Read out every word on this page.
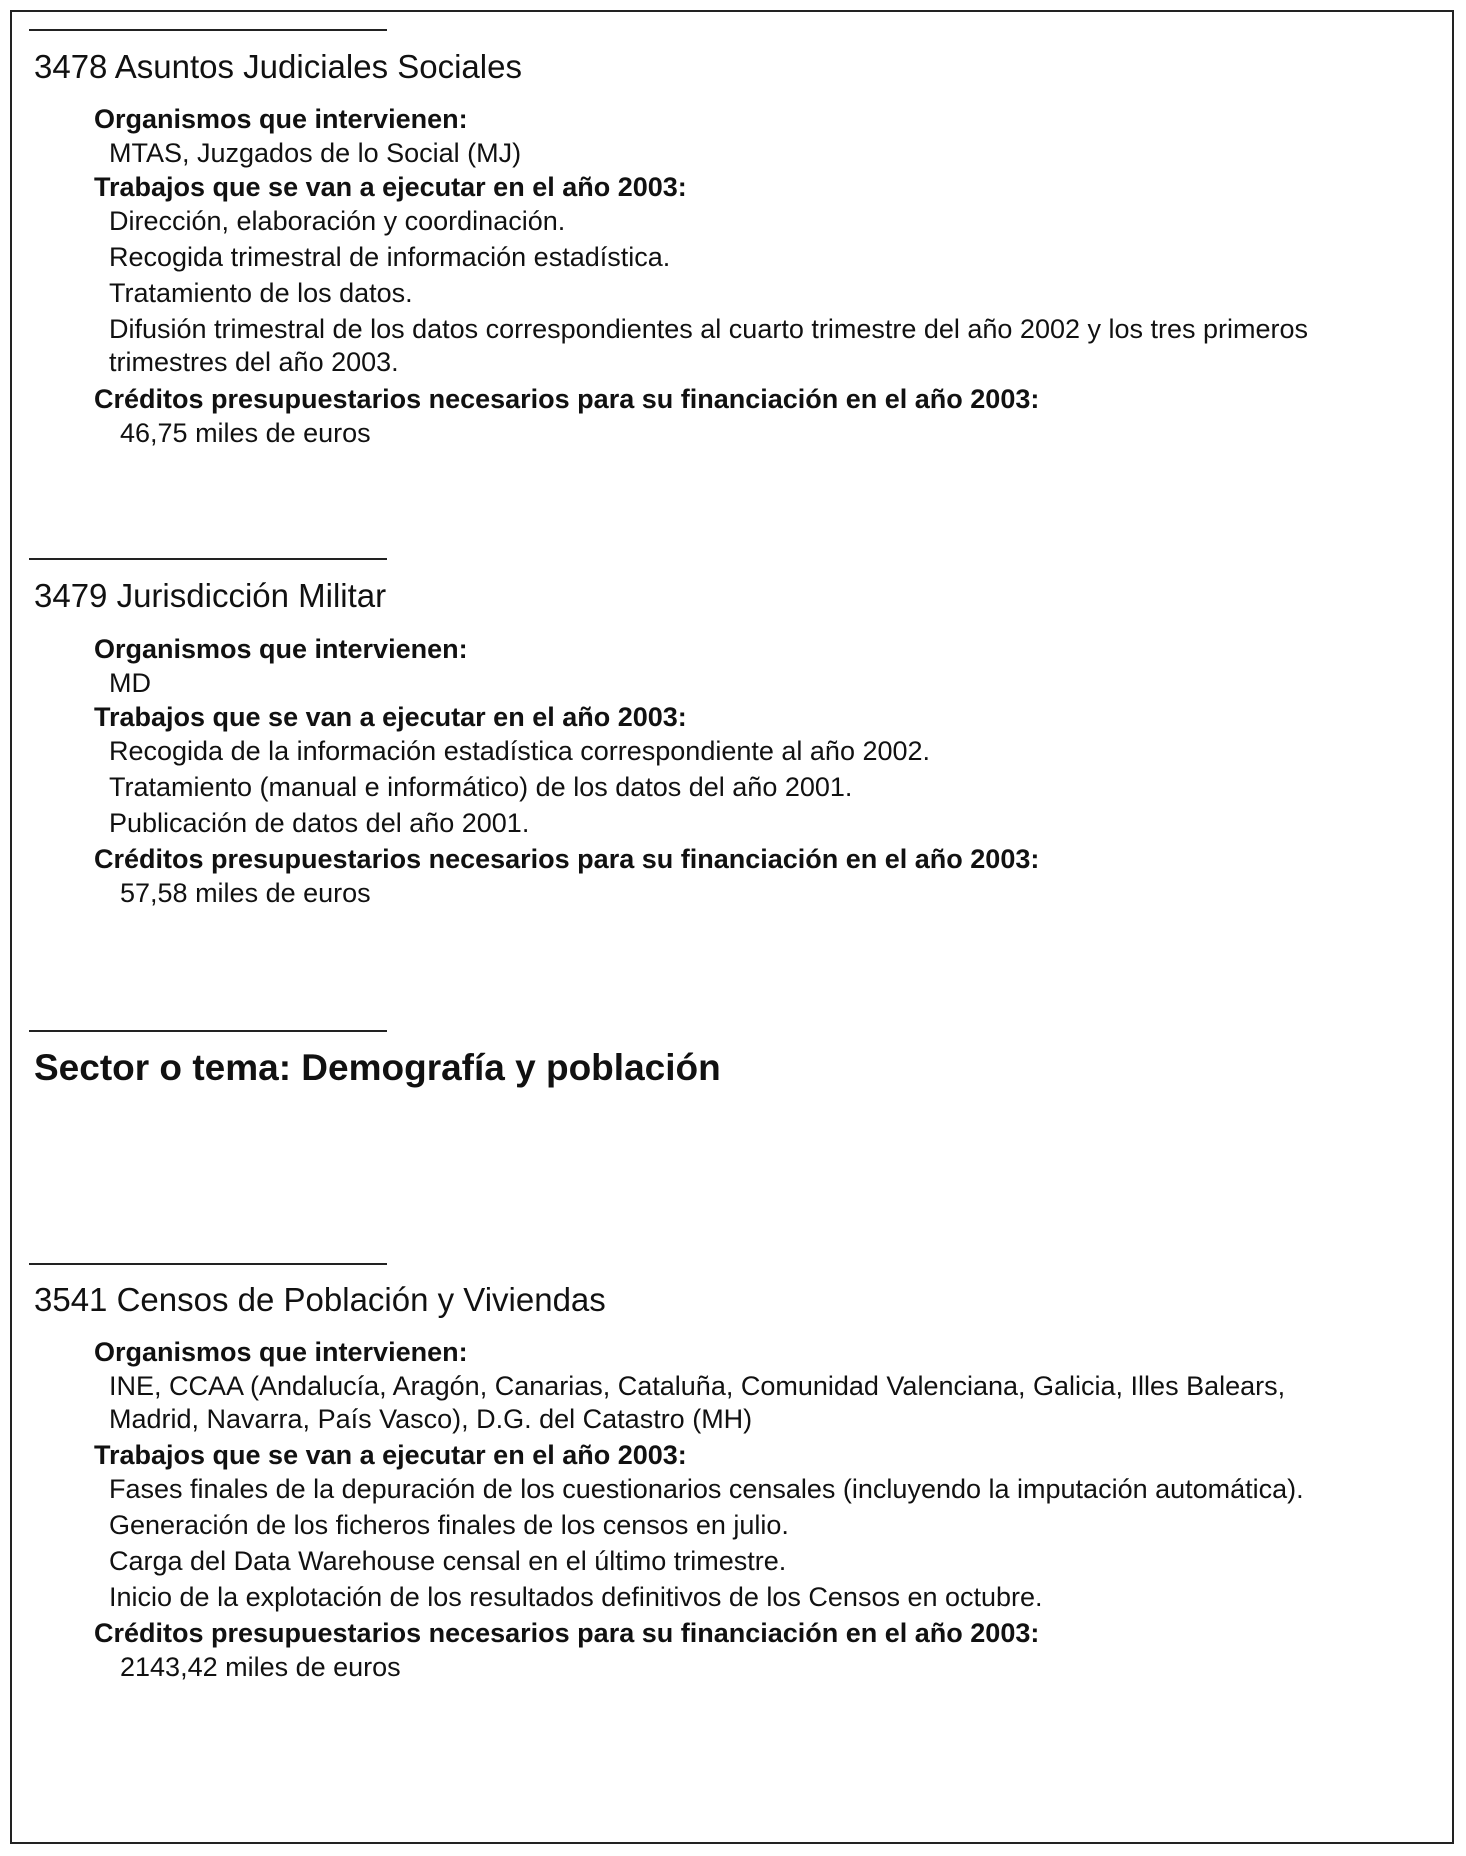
3478 Asuntos Judiciales Sociales
Organismos que intervienen:
MTAS, Juzgados de lo Social (MJ)
Trabajos que se van a ejecutar en el año 2003:
Dirección, elaboración y coordinación.
Recogida trimestral de información estadística.
Tratamiento de los datos.
Difusión trimestral de los datos correspondientes al cuarto trimestre del año 2002 y los tres primeros
trimestres del año 2003.
Créditos presupuestarios necesarios para su financiación en el año 2003:
46,75 miles de euros
3479 Jurisdicción Militar
Organismos que intervienen:
MD
Trabajos que se van a ejecutar en el año 2003:
Recogida de la información estadística correspondiente al año 2002.
Tratamiento (manual e informático) de los datos del año 2001.
Publicación de datos del año 2001.
Créditos presupuestarios necesarios para su financiación en el año 2003:
57,58 miles de euros
Sector o tema: Demografía y población
3541 Censos de Población y Viviendas
Organismos que intervienen:
INE, CCAA (Andalucía, Aragón, Canarias, Cataluña, Comunidad Valenciana, Galicia, Illes Balears,
Madrid, Navarra, País Vasco), D.G. del Catastro (MH)
Trabajos que se van a ejecutar en el año 2003:
Fases finales de la depuración de los cuestionarios censales (incluyendo la imputación automática).
Generación de los ficheros finales de los censos en julio.
Carga del Data Warehouse censal en el último trimestre.
Inicio de la explotación de los resultados definitivos de los Censos en octubre.
Créditos presupuestarios necesarios para su financiación en el año 2003:
2143,42 miles de euros
